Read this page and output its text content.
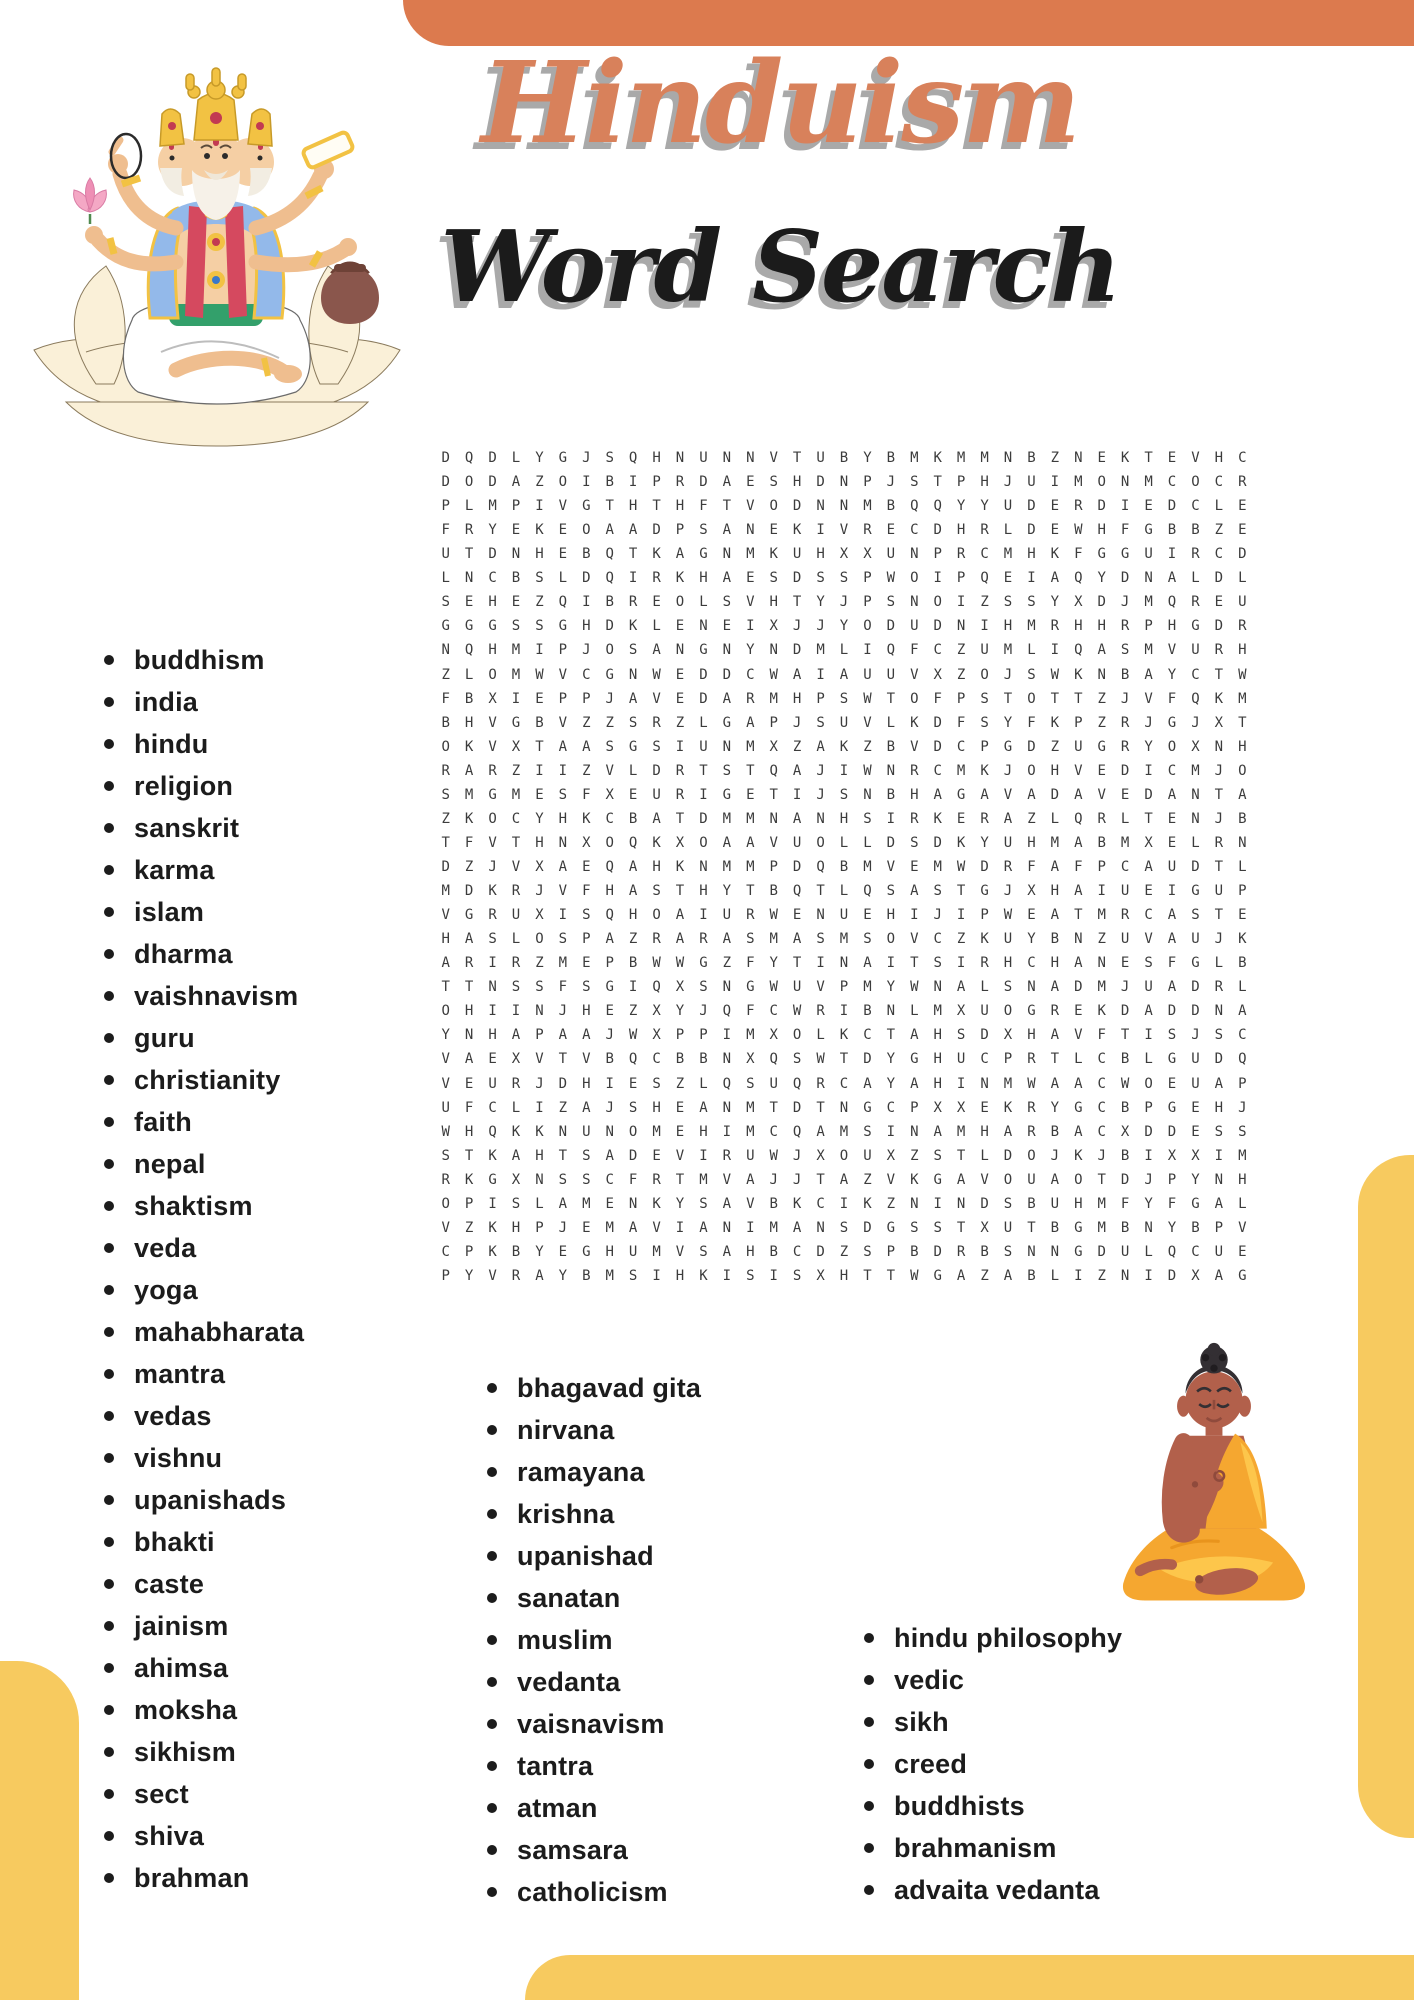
Hinduism
Word Search
D	Q	D	L	Y	G	J	S	Q	H	N	U	N	N	V	T	U	B	Y	B	M	K	M	M	N	B	Z	N	E	K	T	E	V	H	C
D	O	D	A	Z	O	I	B	I	P	R	D	A	E	S	H	D	N	P	J	S	T	P	H	J	U	I	M	O	N	M	C	O	C	R
P	L	M	P	I	V	G	T	H	T	H	F	T	V	O	D	N	N	M	B	Q	Q	Y	Y	U	D	E	R	D	I	E	D	C	L	E
F	R	Y	E	K	E	O	A	A	D	P	S	A	N	E	K	I	V	R	E	C	D	H	R	L	D	E	W	H	F	G	B	B	Z	E
U	T	D	N	H	E	B	Q	T	K	A	G	N	M	K	U	H	X	X	U	N	P	R	C	M	H	K	F	G	G	U	I	R	C	D
L	N	C	B	S	L	D	Q	I	R	K	H	A	E	S	D	S	S	P	W	O	I	P	Q	E	I	A	Q	Y	D	N	A	L	D	L
S	E	H	E	Z	Q	I	B	R	E	O	L	S	V	H	T	Y	J	P	S	N	O	I	Z	S	S	Y	X	D	J	M	Q	R	E	U
G	G	G	S	S	G	H	D	K	L	E	N	E	I	X	J	J	Y	O	D	U	D	N	I	H	M	R	H	H	R	P	H	G	D	R
N	Q	H	M	I	P	J	O	S	A	N	G	N	Y	N	D	M	L	I	Q	F	C	Z	U	M	L	I	Q	A	S	M	V	U	R	H
Z	L	O	M	W	V	C	G	N	W	E	D	D	C	W	A	I	A	U	U	V	X	Z	O	J	S	W	K	N	B	A	Y	C	T	W
F	B	X	I	E	P	P	J	A	V	E	D	A	R	M	H	P	S	W	T	O	F	P	S	T	O	T	T	Z	J	V	F	Q	K	M
B	H	V	G	B	V	Z	Z	S	R	Z	L	G	A	P	J	S	U	V	L	K	D	F	S	Y	F	K	P	Z	R	J	G	J	X	T
O	K	V	X	T	A	A	S	G	S	I	U	N	M	X	Z	A	K	Z	B	V	D	C	P	G	D	Z	U	G	R	Y	O	X	N	H
R	A	R	Z	I	I	Z	V	L	D	R	T	S	T	Q	A	J	I	W	N	R	C	M	K	J	O	H	V	E	D	I	C	M	J	O
S	M	G	M	E	S	F	X	E	U	R	I	G	E	T	I	J	S	N	B	H	A	G	A	V	A	D	A	V	E	D	A	N	T	A
Z	K	O	C	Y	H	K	C	B	A	T	D	M	M	N	A	N	H	S	I	R	K	E	R	A	Z	L	Q	R	L	T	E	N	J	B
T	F	V	T	H	N	X	O	Q	K	X	O	A	A	V	U	O	L	L	D	S	D	K	Y	U	H	M	A	B	M	X	E	L	R	N
D	Z	J	V	X	A	E	Q	A	H	K	N	M	M	P	D	Q	B	M	V	E	M	W	D	R	F	A	F	P	C	A	U	D	T	L
M	D	K	R	J	V	F	H	A	S	T	H	Y	T	B	Q	T	L	Q	S	A	S	T	G	J	X	H	A	I	U	E	I	G	U	P
V	G	R	U	X	I	S	Q	H	O	A	I	U	R	W	E	N	U	E	H	I	J	I	P	W	E	A	T	M	R	C	A	S	T	E
H	A	S	L	O	S	P	A	Z	R	A	R	A	S	M	A	S	M	S	O	V	C	Z	K	U	Y	B	N	Z	U	V	A	U	J	K
A	R	I	R	Z	M	E	P	B	W	W	G	Z	F	Y	T	I	N	A	I	T	S	I	R	H	C	H	A	N	E	S	F	G	L	B
T	T	N	S	S	F	S	G	I	Q	X	S	N	G	W	U	V	P	M	Y	W	N	A	L	S	N	A	D	M	J	U	A	D	R	L
O	H	I	I	N	J	H	E	Z	X	Y	J	Q	F	C	W	R	I	B	N	L	M	X	U	O	G	R	E	K	D	A	D	D	N	A
Y	N	H	A	P	A	A	J	W	X	P	P	I	M	X	O	L	K	C	T	A	H	S	D	X	H	A	V	F	T	I	S	J	S	C
V	A	E	X	V	T	V	B	Q	C	B	B	N	X	Q	S	W	T	D	Y	G	H	U	C	P	R	T	L	C	B	L	G	U	D	Q
V	E	U	R	J	D	H	I	E	S	Z	L	Q	S	U	Q	R	C	A	Y	A	H	I	N	M	W	A	A	C	W	O	E	U	A	P
U	F	C	L	I	Z	A	J	S	H	E	A	N	M	T	D	T	N	G	C	P	X	X	E	K	R	Y	G	C	B	P	G	E	H	J
W	H	Q	K	K	N	U	N	O	M	E	H	I	M	C	Q	A	M	S	I	N	A	M	H	A	R	B	A	C	X	D	D	E	S	S
S	T	K	A	H	T	S	A	D	E	V	I	R	U	W	J	X	O	U	X	Z	S	T	L	D	O	J	K	J	B	I	X	X	I	M
R	K	G	X	N	S	S	C	F	R	T	M	V	A	J	J	T	A	Z	V	K	G	A	V	O	U	A	O	T	D	J	P	Y	N	H
O	P	I	S	L	A	M	E	N	K	Y	S	A	V	B	K	C	I	K	Z	N	I	N	D	S	B	U	H	M	F	Y	F	G	A	L
V	Z	K	H	P	J	E	M	A	V	I	A	N	I	M	A	N	S	D	G	S	S	T	X	U	T	B	G	M	B	N	Y	B	P	V
C	P	K	B	Y	E	G	H	U	M	V	S	A	H	B	C	D	Z	S	P	B	D	R	B	S	N	N	G	D	U	L	Q	C	U	E
P	Y	V	R	A	Y	B	M	S	I	H	K	I	S	I	S	X	H	T	T	W	G	A	Z	A	B	L	I	Z	N	I	D	X	A	G
buddhism
india
hindu
religion
sanskrit
karma
islam
dharma
vaishnavism
guru
christianity
faith
nepal
shaktism
veda
yoga
mahabharata
mantra
vedas
vishnu
upanishads
bhakti
caste
jainism
ahimsa
moksha
sikhism
sect
shiva
brahman
bhagavad gita
nirvana
ramayana
krishna
upanishad
sanatan
muslim
vedanta
vaisnavism
tantra
atman
samsara
catholicism
hindu philosophy
vedic
sikh
creed
buddhists
brahmanism
advaita vedanta
